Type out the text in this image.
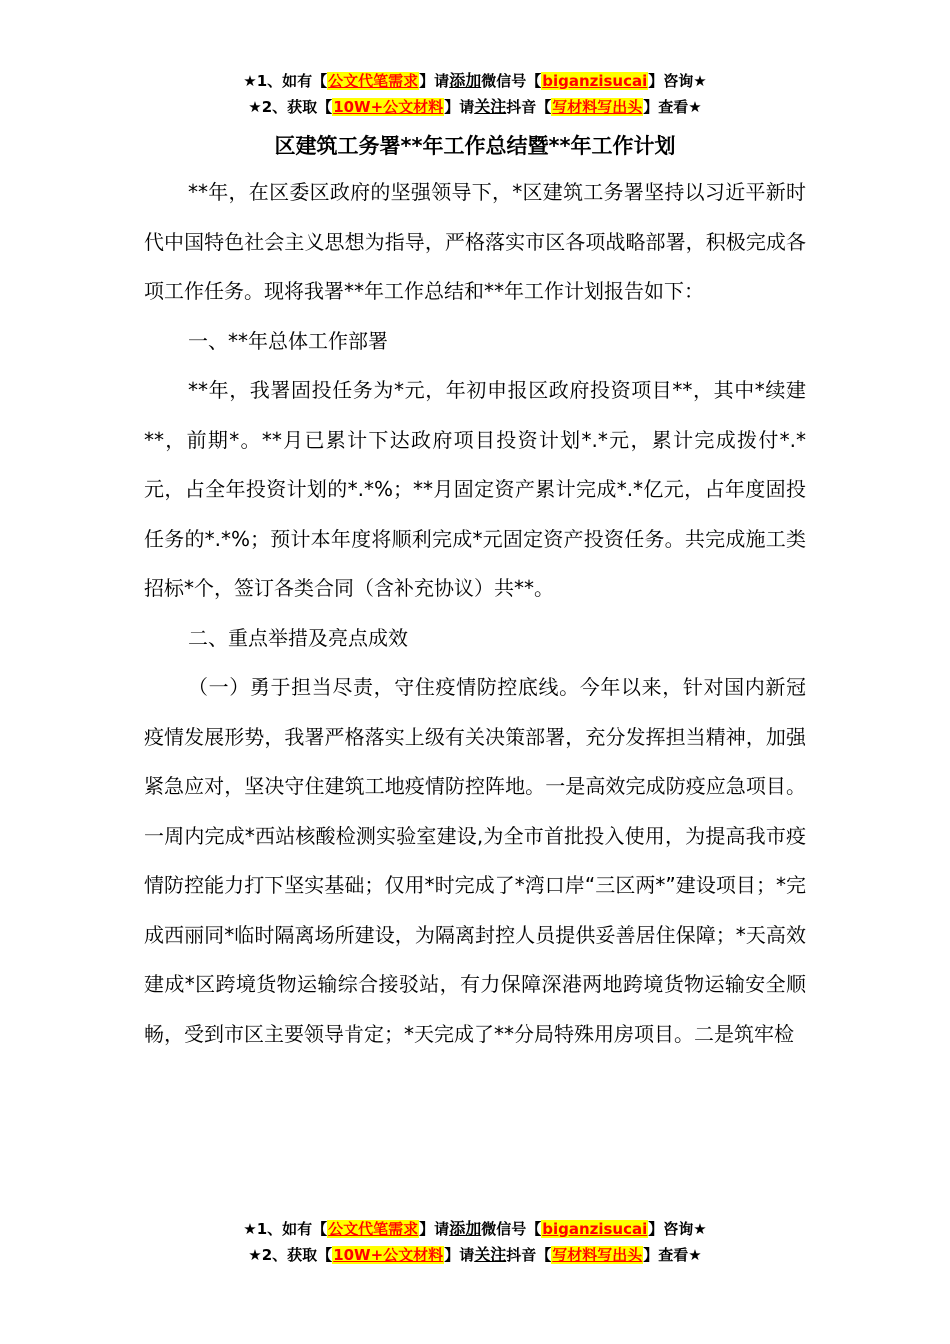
★1、如有【公文代笔需求】请添加微信号【biganzisucai】咨询★
★2、获取【10W+公文材料】请关注抖音【写材料写出头】查看★
区建筑工务署**年工作总结暨**年工作计划

**年，在区委区政府的坚强领导下，*区建筑工务署坚持以习近平新时代中国特色社会主义思想为指导，严格落实市区各项战略部署，积极完成各项工作任务。现将我署**年工作总结和**年工作计划报告如下：

一、**年总体工作部署

**年，我署固投任务为*元，年初申报区政府投资项目**，其中*续建**，前期*。**月已累计下达政府项目投资计划*.*元，累计完成拨付*.*元，占全年投资计划的*.*%；**月固定资产累计完成*.*亿元，占年度固投任务的*.*%；预计本年度将顺利完成*元固定资产投资任务。共完成施工类招标*个，签订各类合同（含补充协议）共**。

二、重点举措及亮点成效

（一）勇于担当尽责，守住疫情防控底线。今年以来，针对国内新冠疫情发展形势，我署严格落实上级有关决策部署，充分发挥担当精神，加强紧急应对，坚决守住建筑工地疫情防控阵地。一是高效完成防疫应急项目。一周内完成*西站核酸检测实验室建设,为全市首批投入使用，为提高我市疫情防控能力打下坚实基础；仅用*时完成了*湾口岸“三区两*”建设项目；*完成西丽同*临时隔离场所建设，为隔离封控人员提供妥善居住保障；*天高效建成*区跨境货物运输综合接驳站，有力保障深港两地跨境货物运输安全顺畅，受到市区主要领导肯定；*天完成了**分局特殊用房项目。二是筑牢检

★1、如有【公文代笔需求】请添加微信号【biganzisucai】咨询★
★2、获取【10W+公文材料】请关注抖音【写材料写出头】查看★
